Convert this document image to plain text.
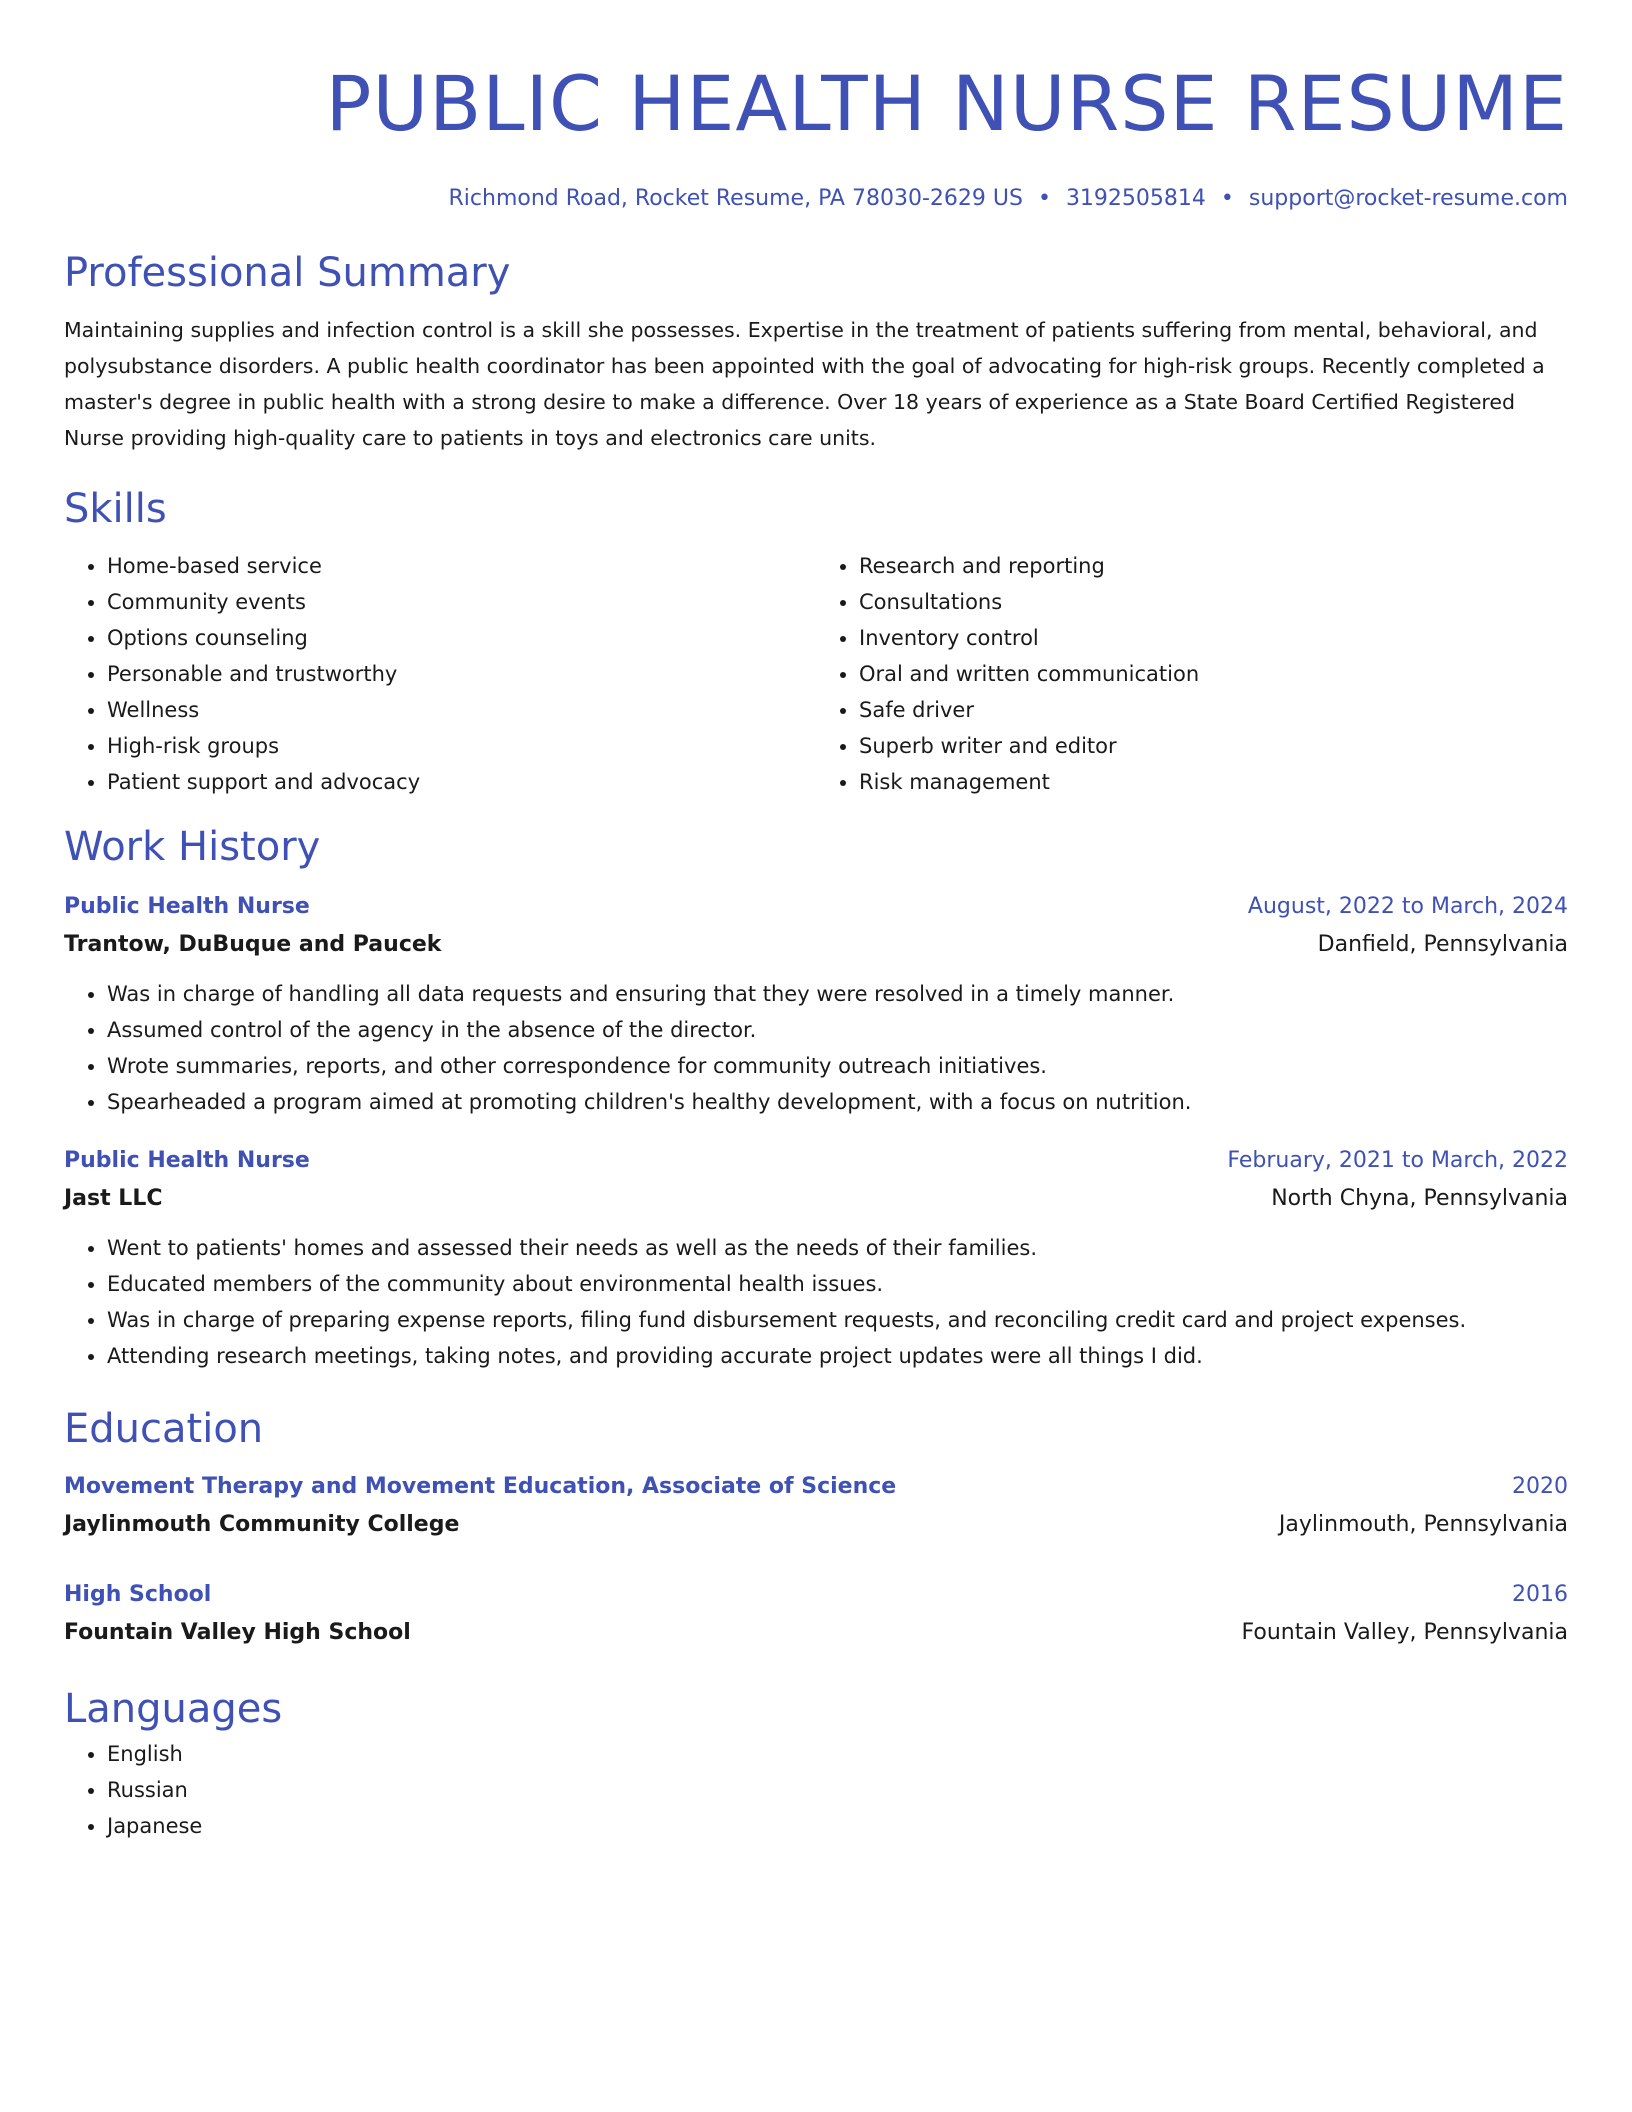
PUBLIC HEALTH NURSE RESUME
Richmond Road, Rocket Resume, PA 78030-2629 US • 3192505814 • support@rocket-resume.com
Professional Summary
Maintaining supplies and infection control is a skill she possesses. Expertise in the treatment of patients suffering from mental, behavioral, and polysubstance disorders. A public health coordinator has been appointed with the goal of advocating for high-risk groups. Recently completed a master's degree in public health with a strong desire to make a difference. Over 18 years of experience as a State Board Certified Registered Nurse providing high-quality care to patients in toys and electronics care units.
Skills
• Home-based service
• Community events
• Options counseling
• Personable and trustworthy
• Wellness
• High-risk groups
• Patient support and advocacy
• Research and reporting
• Consultations
• Inventory control
• Oral and written communication
• Safe driver
• Superb writer and editor
• Risk management
Work History
Public Health Nurse	August, 2022 to March, 2024
Trantow, DuBuque and Paucek	Danfield, Pennsylvania
• Was in charge of handling all data requests and ensuring that they were resolved in a timely manner.
• Assumed control of the agency in the absence of the director.
• Wrote summaries, reports, and other correspondence for community outreach initiatives.
• Spearheaded a program aimed at promoting children's healthy development, with a focus on nutrition.
Public Health Nurse	February, 2021 to March, 2022
Jast LLC	North Chyna, Pennsylvania
• Went to patients' homes and assessed their needs as well as the needs of their families.
• Educated members of the community about environmental health issues.
• Was in charge of preparing expense reports, filing fund disbursement requests, and reconciling credit card and project expenses.
• Attending research meetings, taking notes, and providing accurate project updates were all things I did.
Education
Movement Therapy and Movement Education, Associate of Science	2020
Jaylinmouth Community College	Jaylinmouth, Pennsylvania
High School	2016
Fountain Valley High School	Fountain Valley, Pennsylvania
Languages
• English
• Russian
• Japanese
